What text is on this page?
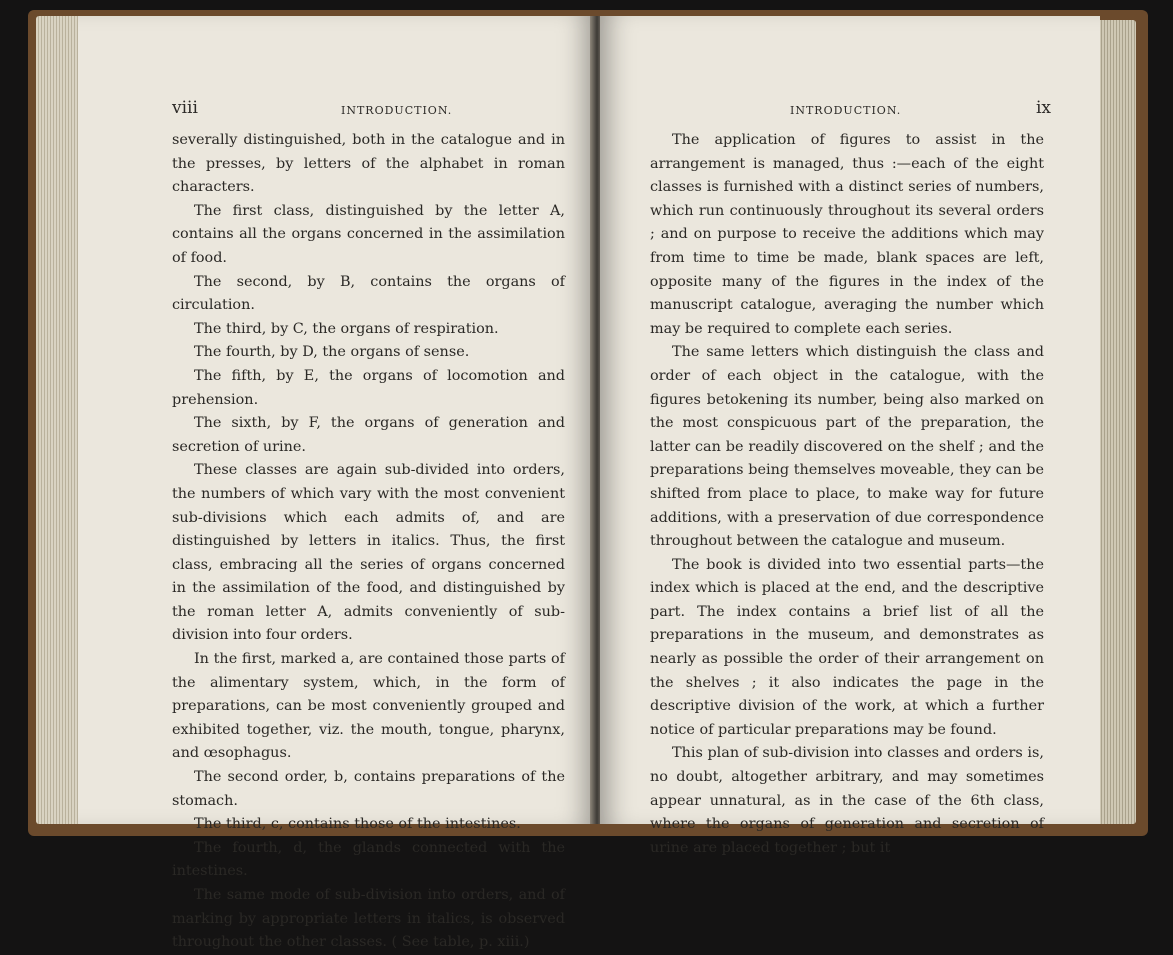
viii	INTRODUCTION.

severally distinguished, both in the catalogue and in the presses, by letters of the alphabet in roman characters.

The first class, distinguished by the letter A, contains all the organs concerned in the assimilation of food.

The second, by B, contains the organs of circulation.

The third, by C, the organs of respiration.

The fourth, by D, the organs of sense.

The fifth, by E, the organs of locomotion and prehension.

The sixth, by F, the organs of generation and secretion of urine.

These classes are again sub-divided into orders, the numbers of which vary with the most convenient sub-divisions which each admits of, and are distinguished by letters in italics. Thus, the first class, embracing all the series of organs concerned in the assimilation of the food, and distinguished by the roman letter A, admits conveniently of sub-division into four orders.

In the first, marked a, are contained those parts of the alimentary system, which, in the form of preparations, can be most conveniently grouped and exhibited together, viz. the mouth, tongue, pharynx, and œsophagus.

The second order, b, contains preparations of the stomach.

The third, c, contains those of the intestines.

The fourth, d, the glands connected with the intestines.

The same mode of sub-division into orders, and of marking by appropriate letters in italics, is observed throughout the other classes. ( See table, p. xiii.)

INTRODUCTION.	ix

The application of figures to assist in the arrangement is managed, thus :—each of the eight classes is furnished with a distinct series of numbers, which run continuously throughout its several orders ; and on purpose to receive the additions which may from time to time be made, blank spaces are left, opposite many of the figures in the index of the manuscript catalogue, averaging the number which may be required to complete each series.

The same letters which distinguish the class and order of each object in the catalogue, with the figures betokening its number, being also marked on the most conspicuous part of the preparation, the latter can be readily discovered on the shelf ; and the preparations being themselves moveable, they can be shifted from place to place, to make way for future additions, with a preservation of due correspondence throughout between the catalogue and museum.

The book is divided into two essential parts—the index which is placed at the end, and the descriptive part. The index contains a brief list of all the preparations in the museum, and demonstrates as nearly as possible the order of their arrangement on the shelves ; it also indicates the page in the descriptive division of the work, at which a further notice of particular preparations may be found.

This plan of sub-division into classes and orders is, no doubt, altogether arbitrary, and may sometimes appear unnatural, as in the case of the 6th class, where the organs of generation and secretion of urine are placed together ; but it
